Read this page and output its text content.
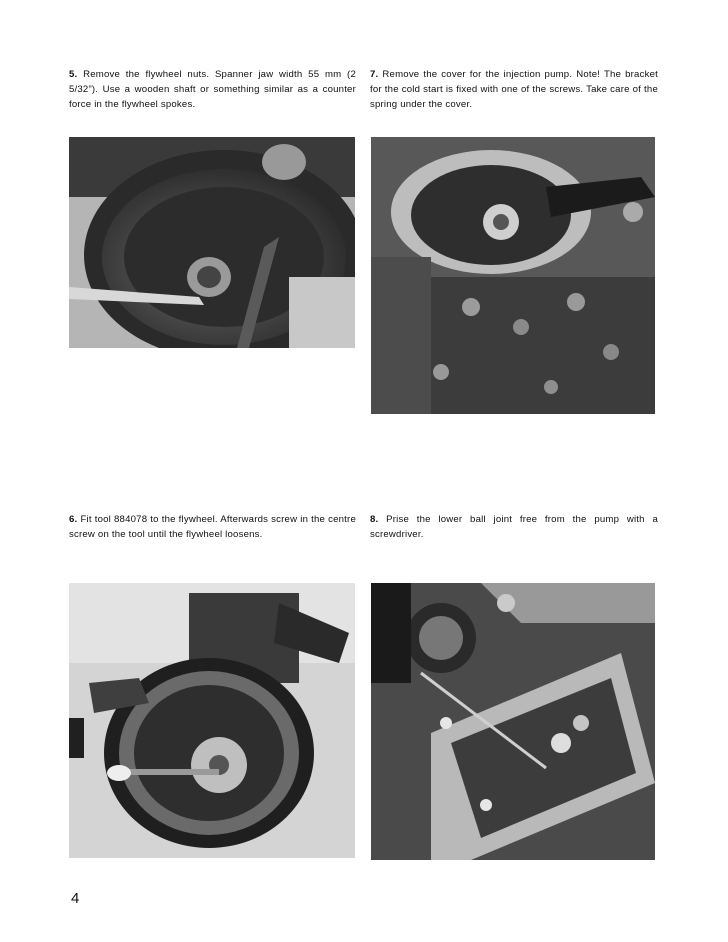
5. Remove the flywheel nuts. Spanner jaw width 55 mm (2 5/32”). Use a wooden shaft or something similar as a counter force in the flywheel spokes.
7. Remove the cover for the injection pump. Note! The bracket for the cold start is fixed with one of the screws. Take care of the spring under the cover.
6. Fit tool 884078 to the flywheel. Afterwards screw in the centre screw on the tool until the flywheel loosens.
8. Prise the lower ball joint free from the pump with a screwdriver.
4
